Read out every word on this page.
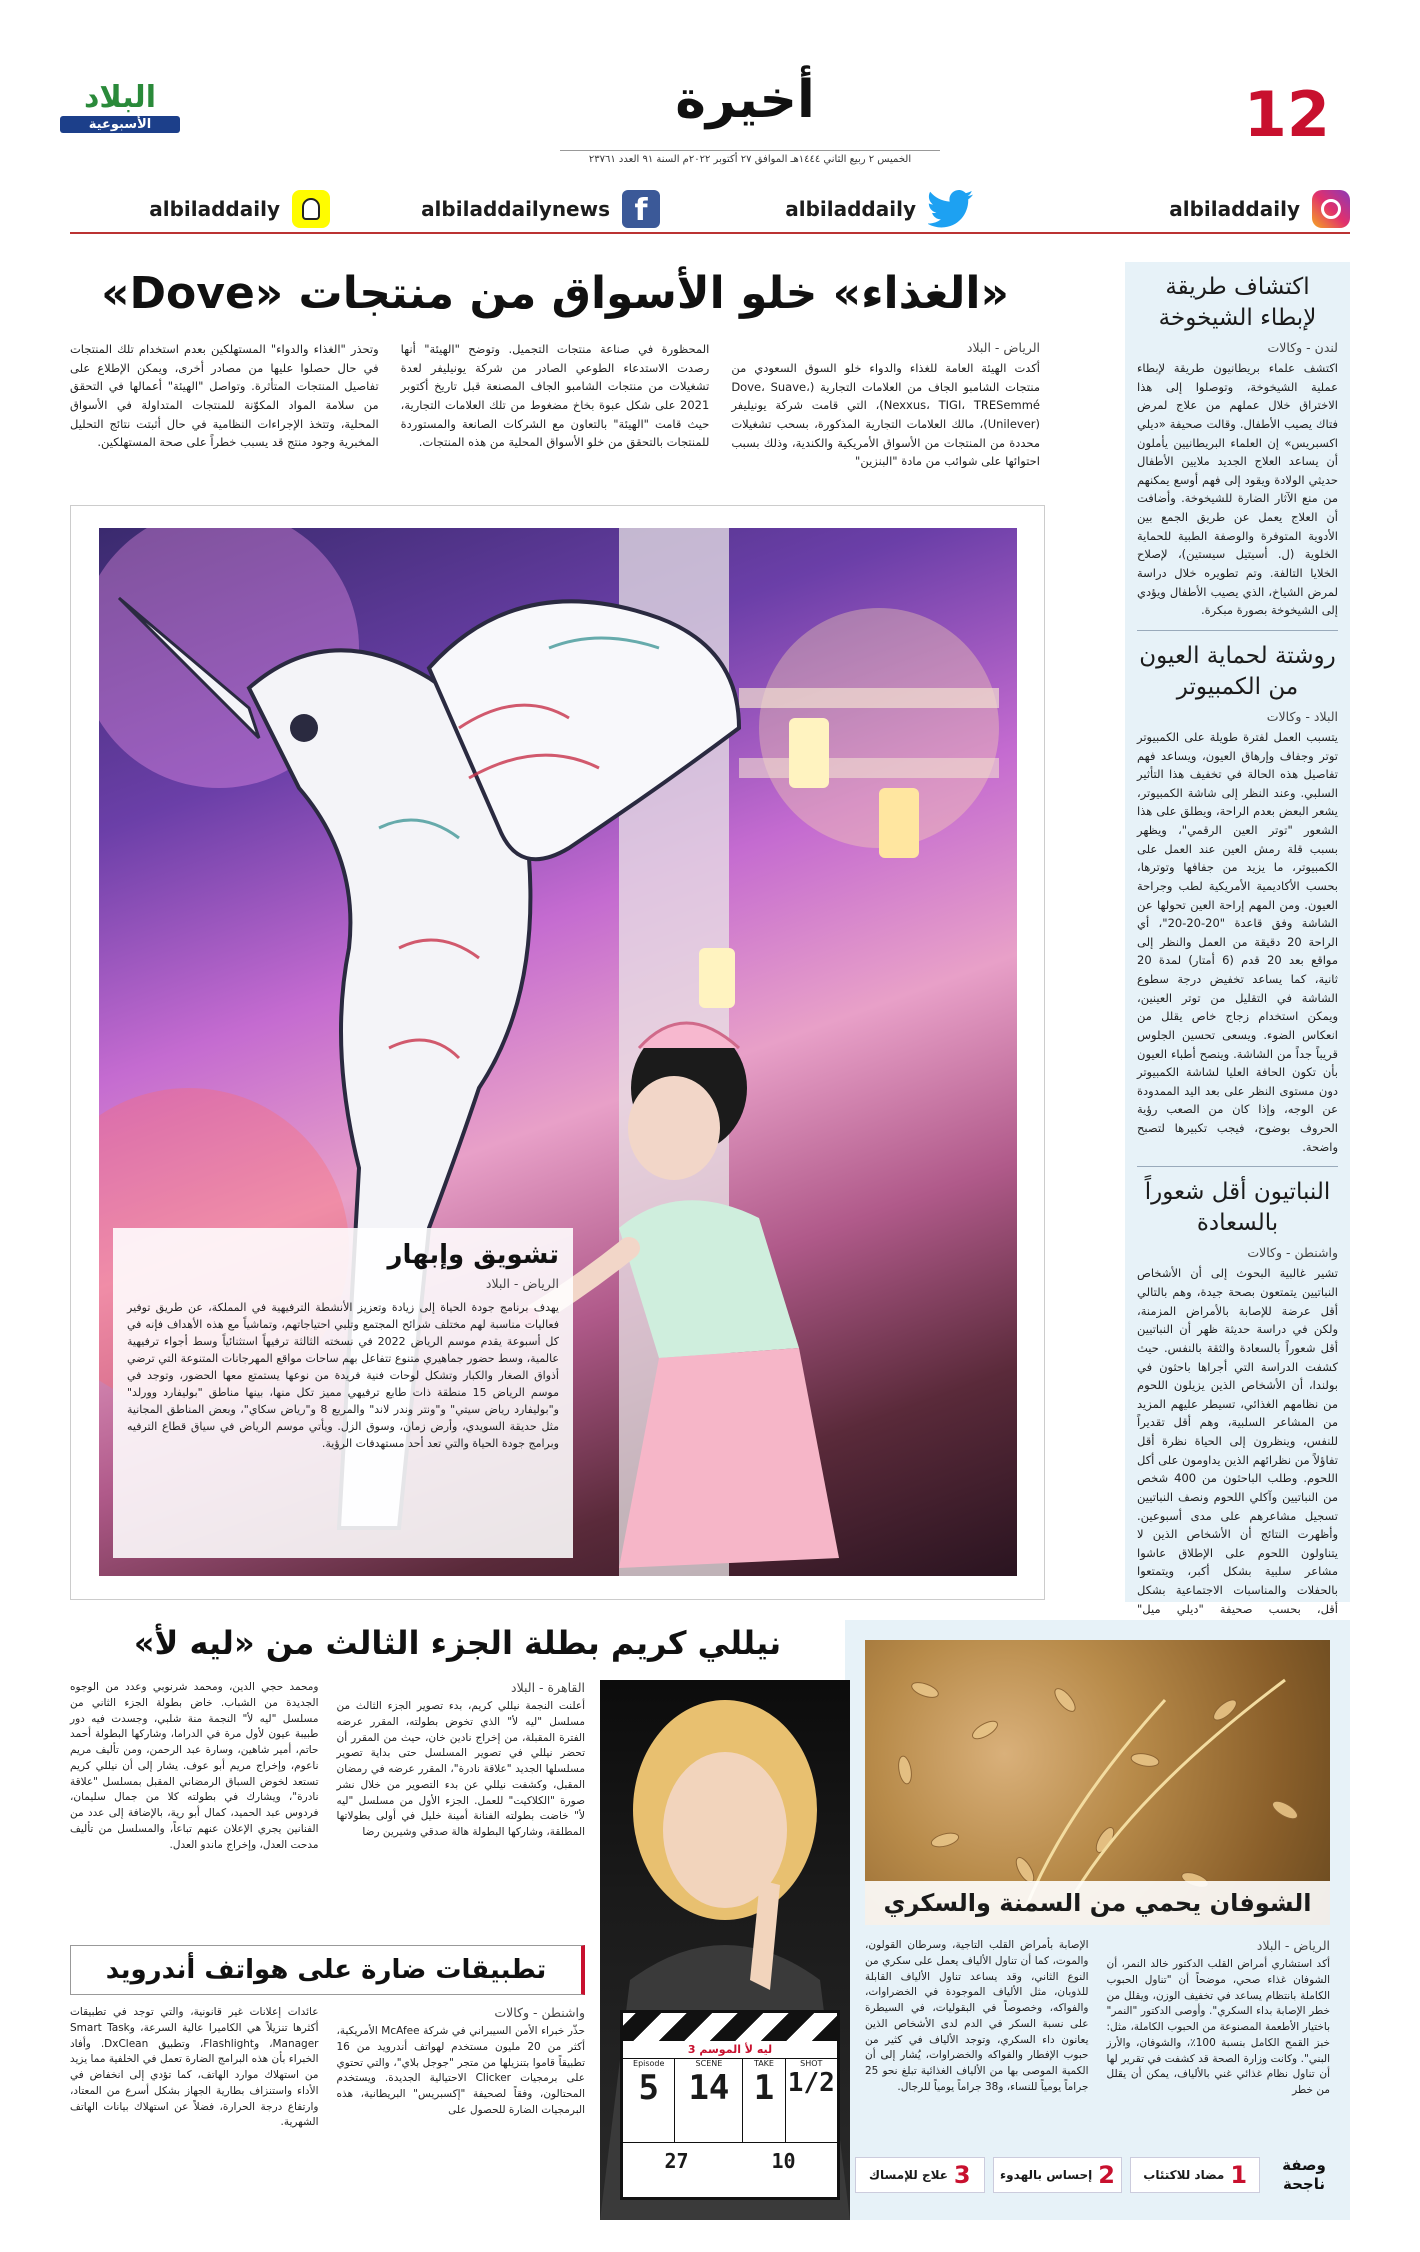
12
أخيرة
الخميس ٢ ربيع الثاني ١٤٤٤هـ الموافق ٢٧ أكتوبر ٢٠٢٢م السنة ٩١ العدد ٢٣٧٦١
البلاد
الأسبوعية
albiladdaily
albiladdaily
f
albiladdailynews
albiladdaily
اكتشاف طريقة لإبطاء الشيخوخة
لندن - وكالات

اكتشف علماء بريطانيون طريقة لإبطاء عملية الشيخوخة، وتوصلوا إلى هذا الاختراق خلال عملهم من علاج لمرض فتاك يصيب الأطفال. وقالت صحيفة «ديلي اكسبريس» إن العلماء البريطانيين يأملون أن يساعد العلاج الجديد ملايين الأطفال حديثي الولادة ويقود إلى فهم أوسع يمكنهم من منع الآثار الضارة للشيخوخة. وأضافت أن العلاج يعمل عن طريق الجمع بين الأدوية المتوفرة والوصفة الطبية للحماية الخلوية (ل. أسيتيل سيستين)، لإصلاح الخلايا التالفة. وتم تطويره خلال دراسة لمرض الشياخ، الذي يصيب الأطفال ويؤدي إلى الشيخوخة بصورة مبكرة.

روشتة لحماية العيون من الكمبيوتر
البلاد - وكالات

يتسبب العمل لفترة طويلة على الكمبيوتر توتر وجفاف وإرهاق العيون، ويساعد فهم تفاصيل هذه الحالة في تخفيف هذا التأثير السلبي. وعند النظر إلى شاشة الكمبيوتر، يشعر البعض بعدم الراحة، ويطلق على هذا الشعور "توتر العين الرقمي"، ويظهر بسبب قلة رمش العين عند العمل على الكمبيوتر، ما يزيد من جفافها وتوترها، بحسب الأكاديمية الأمريكية لطب وجراحة العيون. ومن المهم إراحة العين تحولها عن الشاشة وفق قاعدة "20-20-20"، أي الراحة 20 دقيقة من العمل والنظر إلى مواقع بعد 20 قدم (6 أمتار) لمدة 20 ثانية، كما يساعد تخفيض درجة سطوع الشاشة في التقليل من توتر العينين، ويمكن استخدام زجاج خاص يقلل من انعكاس الضوء. ويسعى تحسين الجلوس قريباً جداً من الشاشة. وينصح أطباء العيون بأن تكون الحافة العليا لشاشة الكمبيوتر دون مستوى النظر على بعد اليد الممدودة عن الوجه، وإذا كان من الصعب رؤية الحروف بوضوح، فيجب تكبيرها لتصبح واضحة.

النباتيون أقل شعوراً بالسعادة
واشنطن - وكالات

تشير غالبية البحوث إلى أن الأشخاص النباتيين يتمتعون بصحة جيدة، وهم بالتالي أقل عرضة للإصابة بالأمراض المزمنة، ولكن في دراسة حديثة ظهر أن النباتيين أقل شعوراً بالسعادة والثقة بالنفس. حيث كشفت الدراسة التي أجراها باحثون في بولندا، أن الأشخاص الذين يزيلون اللحوم من نظامهم الغذائي، تسيطر عليهم المزيد من المشاعر السلبية، وهم أقل تقديراً للنفس، وينظرون إلى الحياة نظرة أقل تفاؤلاً من نظرائهم الذين يداومون على أكل اللحوم. وطلب الباحثون من 400 شخص من النباتيين وآكلي اللحوم ونصف النباتيين تسجيل مشاعرهم على مدى أسبوعين. وأظهرت النتائج أن الأشخاص الذين لا يتناولون اللحوم على الإطلاق عاشوا مشاعر سلبية بشكل أكبر، ويتمتعوا بالحفلات والمناسبات الاجتماعية بشكل أقل، بحسب صحيفة "ديلي ميل"

«الغذاء» خلو الأسواق من منتجات «Dove»
الرياض - البلاد

أكدت الهيئة العامة للغذاء والدواء خلو السوق السعودي من منتجات الشامبو الجاف من العلامات التجارية (Dove، Suave، Nexxus، TIGI، TRESemmé)، التي قامت شركة يونيليفر (Unilever)، مالك العلامات التجارية المذكورة، بسحب تشغيلات محددة من المنتجات من الأسواق الأمريكية والكندية، وذلك بسبب احتوائها على شوائب من مادة "البنزين"

المحظورة في صناعة منتجات التجميل. وتوضح "الهيئة" أنها رصدت الاستدعاء الطوعي الصادر من شركة يونيليفر لعدة تشغيلات من منتجات الشامبو الجاف المصنعة قبل تاريخ أكتوبر 2021 على شكل عبوة بخاخ مضغوط من تلك العلامات التجارية، حيث قامت "الهيئة" بالتعاون مع الشركات الصانعة والمستوردة للمنتجات بالتحقق من خلو الأسواق المحلية من هذه المنتجات.

وتحذر "الغذاء والدواء" المستهلكين بعدم استخدام تلك المنتجات في حال حصلوا عليها من مصادر أخرى، ويمكن الإطلاع على تفاصيل المنتجات المتأثرة. وتواصل "الهيئة" أعمالها في التحقق من سلامة المواد المكوّنة للمنتجات المتداولة في الأسواق المحلية، وتتخذ الإجراءات النظامية في حال أثبتت نتائج التحليل المخبرية وجود منتج قد يسبب خطراً على صحة المستهلكين.

تشويق وإبهار
الرياض - البلاد

يهدف برنامج جودة الحياة إلى زيادة وتعزيز الأنشطة الترفيهية في المملكة، عن طريق توفير فعاليات مناسبة لهم مختلف شرائح المجتمع وتلبي احتياجاتهم، وتماشياً مع هذه الأهداف فإنه في كل أسبوعة يقدم موسم الرياض 2022 في نسخته الثالثة ترفيهاً استثنائياً وسط أجواء ترفيهية عالمية، وسط حضور جماهيري متنوع تتفاعل بهم ساحات مواقع المهرجانات المتنوعة التي ترضي أذواق الصغار والكبار وتشكل لوحات فنية فريدة من نوعها يستمتع معها الحضور، وتوجد في موسم الرياض 15 منطقة ذات طابع ترفيهي مميز تكل منها، بينها مناطق "بوليفارد وورلد" و"بوليفارد رياض سيتي" و"ونتر وندر لاند" والمربع 8 و"رياض سكاي"، وبعض المناطق المجانية مثل حديقة السويدي، وأرض زمان، وسوق الزل. ويأتي موسم الرياض في سياق قطاع الترفيه وبرامج جودة الحياة والتي تعد أحد مستهدفات الرؤية.

الشوفان يحمي من السمنة والسكري
الرياض - البلاد

أكد استشاري أمراض القلب الدكتور خالد النمر، أن الشوفان غذاء صحي، موضحاً أن "تناول الحبوب الكاملة بانتظام يساعد في تخفيف الوزن، ويقلل من خطر الإصابة بداء السكري". وأوصى الدكتور "النمر" باختيار الأطعمة المصنوعة من الحبوب الكاملة، مثل: خبز القمح الكامل بنسبة 100٪، والشوفان، والأرز البني". وكانت وزارة الصحة قد كشفت في تقرير لها أن تناول نظام غذائي غني بالألياف، يمكن أن يقلل من خطر

الإصابة بأمراض القلب التاجية، وسرطان القولون، والموت، كما أن تناول الألياف يعمل على سكري من النوع الثاني، وقد يساعد تناول الألياف القابلة للذوبان، مثل الألياف الموجودة في الخضراوات، والفواكه، وخصوصاً في البقوليات، في السيطرة على نسبة السكر في الدم لدى الأشخاص الذين يعانون داء السكري، وتوجد الألياف في كثير من حبوب الإفطار والفواكه والخضراوات، يُشار إلى أن الكمية الموصى بها من الألياف الغذائية تبلغ نحو 25 جراماً يومياً للنساء، و38 جراماً يومياً للرجال.

وصفة ناجحة
1
مضاد للاكتئاب
2
إحساس بالهدوء
3
علاج للإمساك
نيللي كريم بطلة الجزء الثالث من «ليه لأ»
ليه لأ الموسم 3
Episode
5
SCENE
14
TAKE
1
SHOT
1/2
27	10
القاهرة - البلاد

أعلنت النجمة نيللي كريم، بدء تصوير الجزء الثالث من مسلسل "ليه لأ" الذي تخوض بطولته، المقرر عرضه الفترة المقبلة، من إخراج نادين خان، حيث من المقرر أن تحضر نيللي في تصوير المسلسل حتى بداية تصوير مسلسلها الجديد "علاقة نادرة"، المقرر عرضه في رمضان المقبل، وكشفت نيللي عن بدء التصوير من خلال نشر صورة "الكلاكيت" للعمل. الجزء الأول من مسلسل "ليه لأ" خاضت بطولته الفنانة أمينة خليل في أولى بطولاتها المطلقة، وشاركها البطولة هالة صدقي وشيرين رضا

ومحمد حجي الدين، ومحمد شرنوبي وعدد من الوجوه الجديدة من الشباب. خاض بطولة الجزء الثاني من مسلسل "ليه لأ" النجمة منة شلبي، وجسدت فيه دور طبيبة عيون لأول مرة في الدراما، وشاركها البطولة أحمد حاتم، أمير شاهين، وسارة عبد الرحمن، ومن تأليف مريم ناعوم، وإخراج مريم أبو عوف. يشار إلى أن نيللي كريم تستعد لخوض السباق الرمضاني المقبل بمسلسل "علاقة نادرة"، ويشارك في بطولته كلا من جمال سليمان، فردوس عبد الحميد، كمال أبو رية، بالإضافة إلى عدد من الفنانين يجري الإعلان عنهم تباعاً، والمسلسل من تأليف مدحت العدل، وإخراج ماندو العدل.

تطبيقات ضارة على هواتف أندرويد
واشنطن - وكالات

حذّر خبراء الأمن السيبراني في شركة McAfee الأمريكية، أكثر من 20 مليون مستخدم لهواتف أندرويد من 16 تطبيقاً قاموا بتنزيلها من متجر "جوجل بلاي"، والتي تحتوي على برمجيات Clicker الاحتيالية الجديدة. ويستخدم المحتالون، وفقاً لصحيفة "إكسبريس" البريطانية، هذه البرمجيات الضارة للحصول على

عائدات إعلانات غير قانونية، والتي توجد في تطبيقات أكثرها تنزيلاً هي الكاميرا عالية السرعة، وSmart Task Manager، وFlashlight، وتطبيق DxClean. وأفاد الخبراء بأن هذه البرامج الضارة تعمل في الخلفية مما يزيد من استهلاك موارد الهاتف، كما تؤدي إلى انخفاض في الأداء واستنزاف بطارية الجهاز بشكل أسرع من المعتاد، وارتفاع درجة الحرارة، فضلاً عن استهلاك بيانات الهاتف الشهرية.
